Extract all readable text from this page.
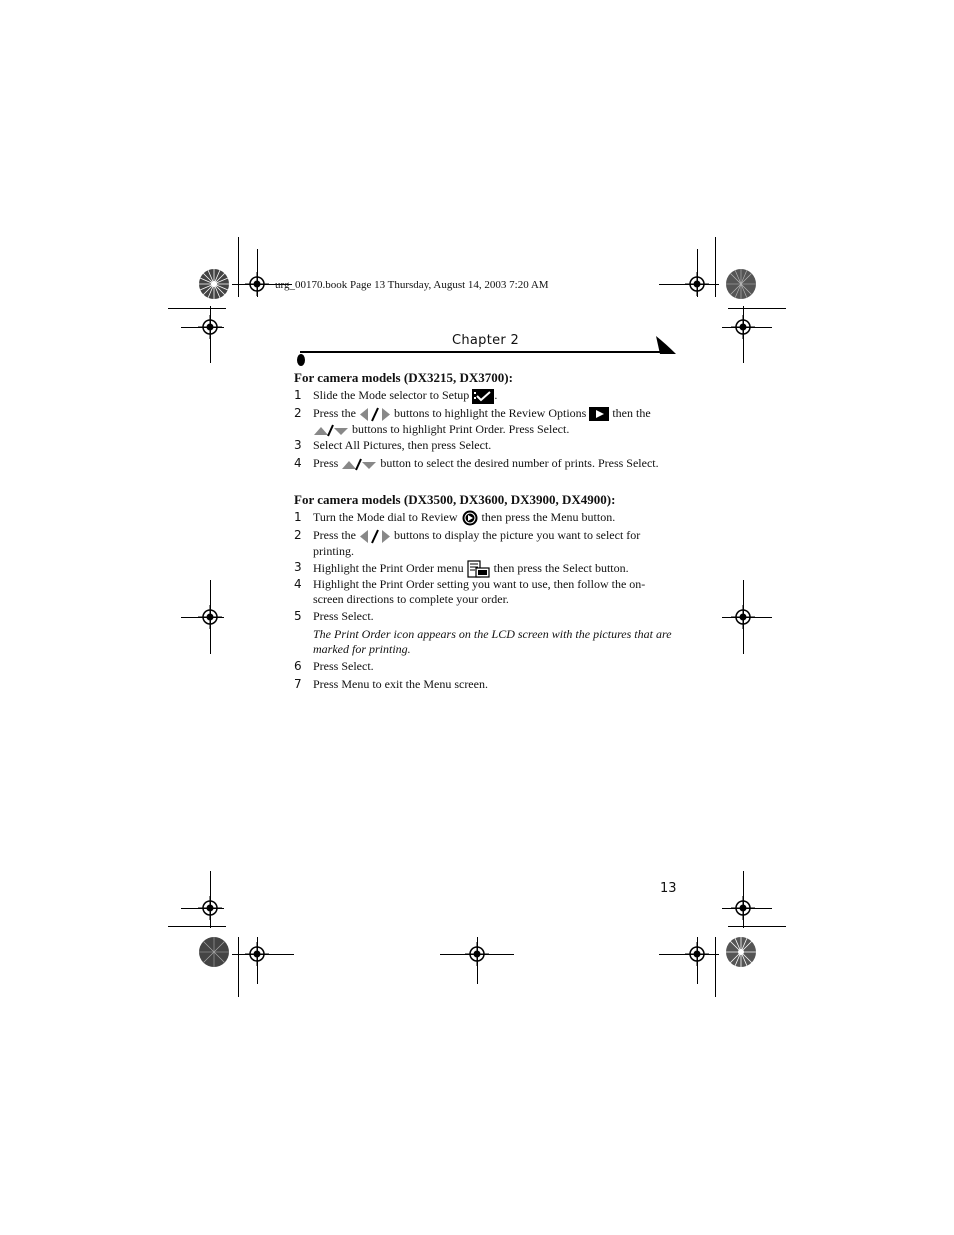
urg_00170.book Page 13 Thursday, August 14, 2003 7:20 AM
Chapter 2
For camera models (DX3215, DX3700):
1 Slide the Mode selector to Setup .
2 Press the	buttons to highlight the Review Options then the  buttons to highlight Print Order. Press Select.
3 Select All Pictures, then press Select.
4 Press	button to select the desired number of prints. Press Select.
For camera models (DX3500, DX3600, DX3900, DX4900):
1 Turn the Mode dial to Review then press the Menu button.
2 Press the	buttons to display the picture you want to select for printing.
3 Highlight the Print Order menu	then press the Select button.
4 Highlight the Print Order setting you want to use, then follow the on-screen directions to complete your order.
5 Press Select.
The Print Order icon appears on the LCD screen with the pictures that are marked for printing.
6 Press Select.
7 Press Menu to exit the Menu screen.
13
